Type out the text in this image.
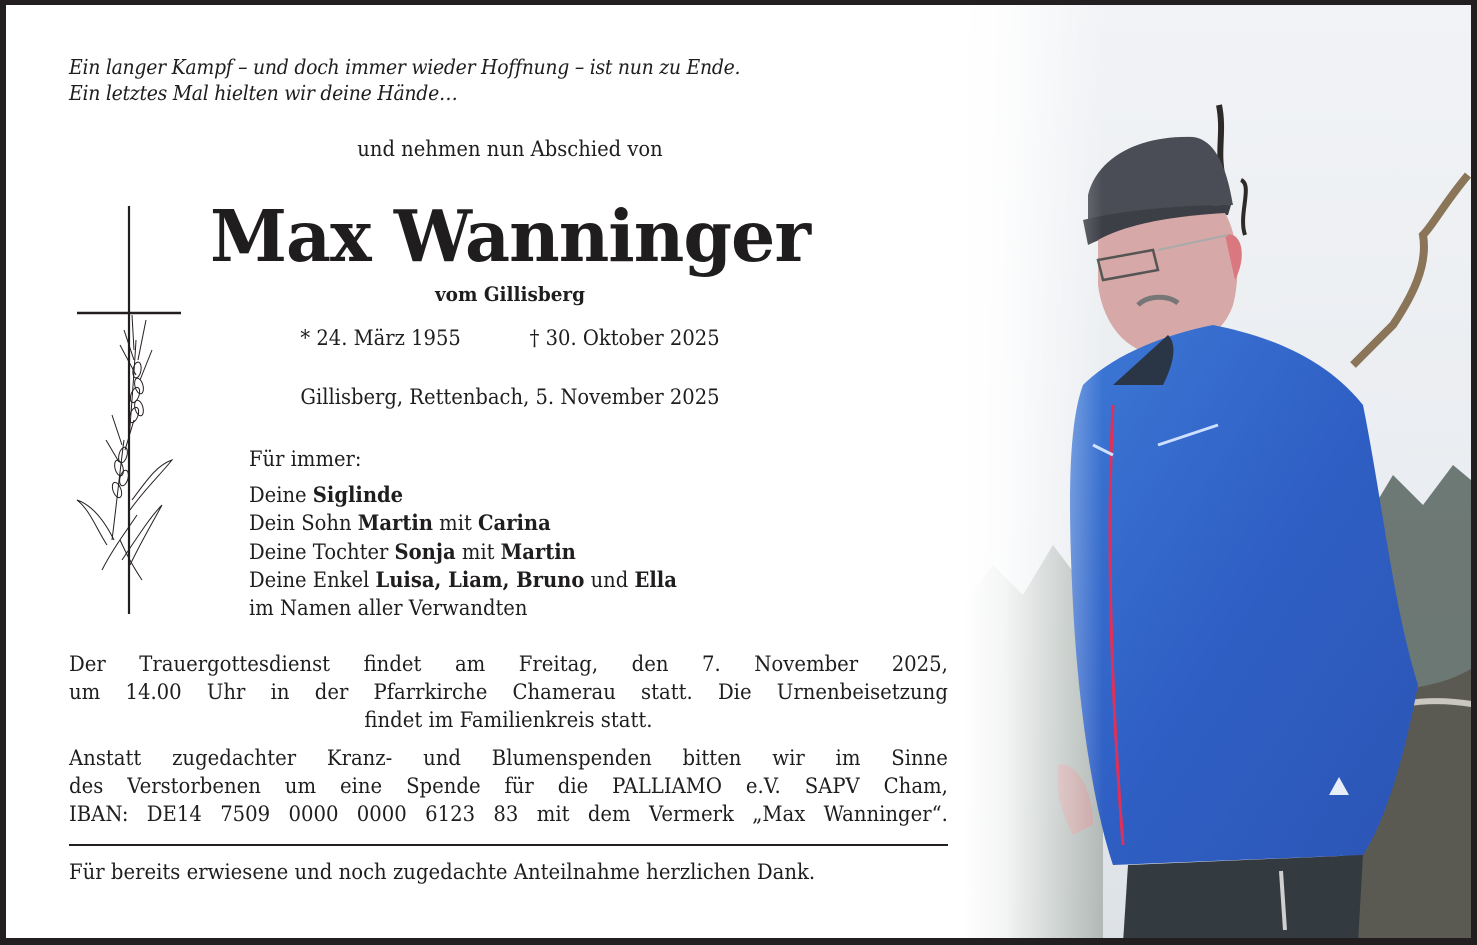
Ein langer Kampf – und doch immer wieder Hoffnung – ist nun zu Ende.
Ein letztes Mal hielten wir deine Hände…
und nehmen nun Abschied von
Max Wanninger
vom Gillisberg
* 24. März 1955	† 30. Oktober 2025
Gillisberg, Rettenbach, 5. November 2025
Für immer:
Deine Siglinde
Dein Sohn Martin mit Carina
Deine Tochter Sonja mit Martin
Deine Enkel Luisa, Liam, Bruno und Ella
im Namen aller Verwandten
Der Trauergottesdienst findet am Freitag, den 7. November 2025,
um 14.00 Uhr in der Pfarrkirche Chamerau statt. Die Urnenbeisetzung
findet im Familienkreis statt.
Anstatt zugedachter Kranz- und Blumenspenden bitten wir im Sinne
des Verstorbenen um eine Spende für die PALLIAMO e.V. SAPV Cham,
IBAN: DE14 7509 0000 0000 6123 83 mit dem Vermerk „Max Wanninger“.
Für bereits erwiesene und noch zugedachte Anteilnahme herzlichen Dank.
